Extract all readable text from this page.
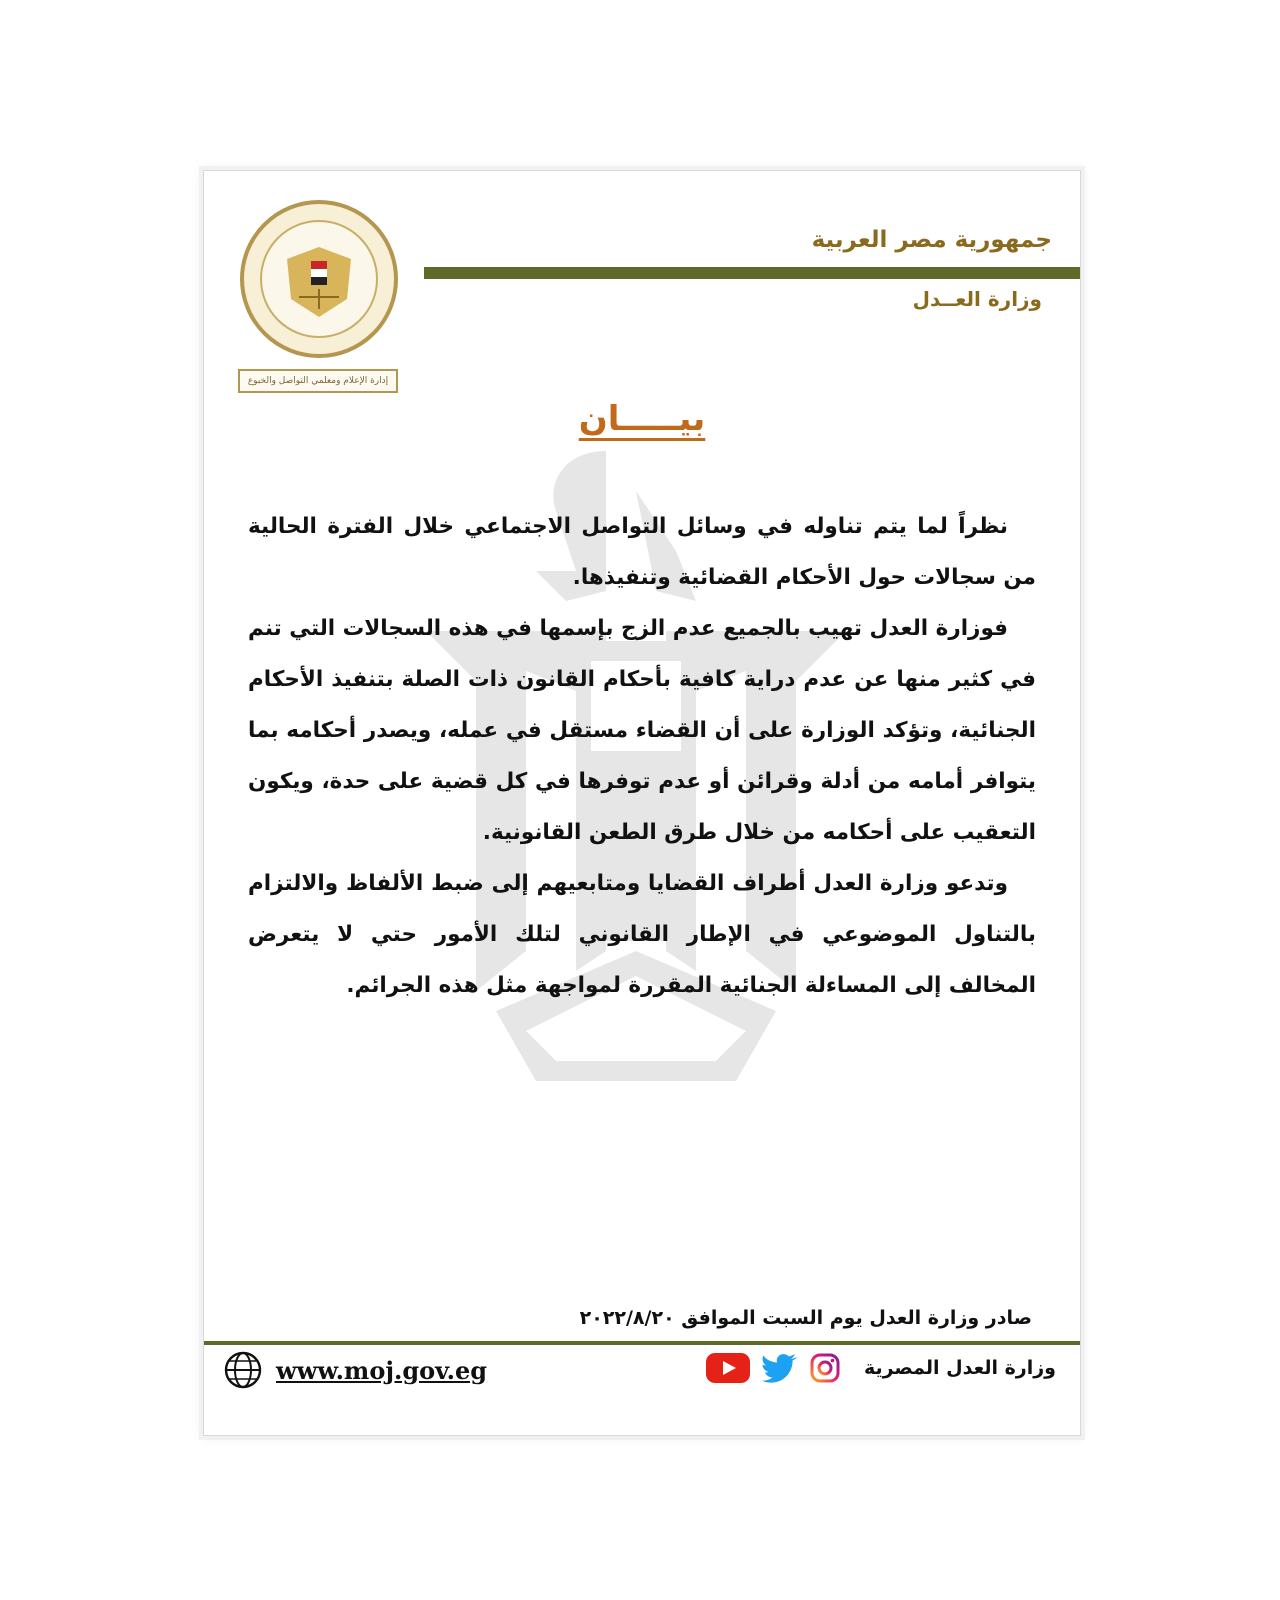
إدارة الإعلام ومعلمي التواصل والخبوع
جمهورية مصر العربية
وزارة العــدل
بيـــــان

نظراً لما يتم تناوله في وسائل التواصل الاجتماعي خلال الفترة الحالية من سجالات حول الأحكام القضائية وتنفيذها.

فوزارة العدل تهيب بالجميع عدم الزج بإسمها في هذه السجالات التي تنم في كثير منها عن عدم دراية كافية بأحكام القانون ذات الصلة بتنفيذ الأحكام الجنائية، وتؤكد الوزارة على أن القضاء مستقل في عمله، ويصدر أحكامه بما يتوافر أمامه من أدلة وقرائن أو عدم توفرها في كل قضية على حدة، ويكون التعقيب على أحكامه من خلال طرق الطعن القانونية.

وتدعو وزارة العدل أطراف القضايا ومتابعيهم إلى ضبط الألفاظ والالتزام بالتناول الموضوعي في الإطار القانوني لتلك الأمور حتي لا يتعرض المخالف إلى المساءلة الجنائية المقررة لمواجهة مثل هذه الجرائم.

صادر وزارة العدل يوم السبت الموافق ٢٠٢٢/٨/٢٠
وزارة العدل المصرية
www.moj.gov.eg
